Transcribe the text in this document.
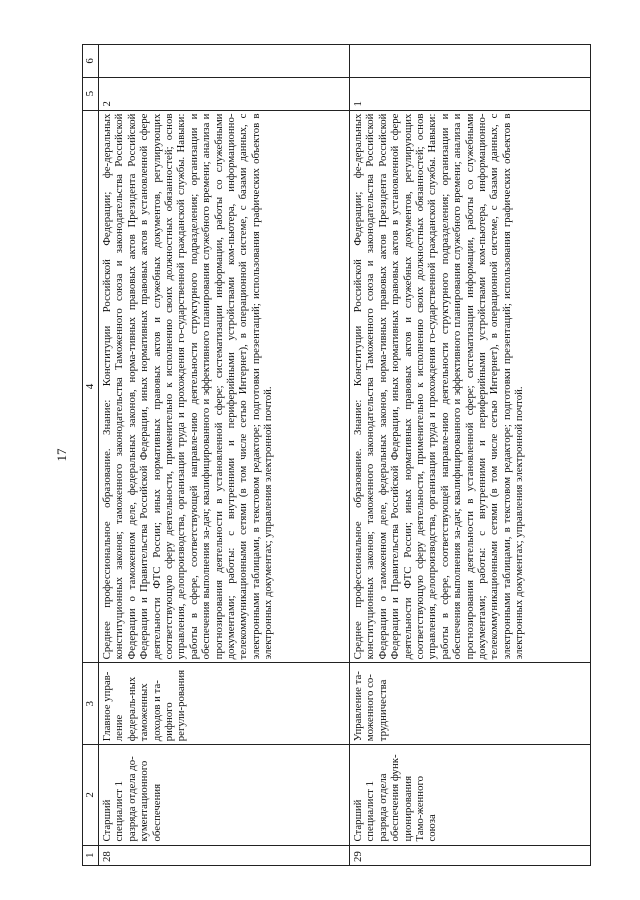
17
1	2	3	4	5	6
28	Старший специалист 1 разряда отдела до-кументационного обеспечения	Главное управ-ление федераль-ных таможенных доходов и та-рифного регули-рования	Среднее профессиональное образование. Знание: Конституции Российской Федерации; фе-деральных конституционных законов; таможенного законодательства Таможенного союза и законодательства Российской Федерации о таможенном деле, федеральных законов, норма-тивных правовых актов Президента Российской Федерации и Правительства Российской Федерации, иных нормативных правовых актов в установленной сфере деятельности ФТС России; иных нормативных правовых актов и служебных документов, регулирующих соответствующую сферу деятельности, применительно к исполнению своих должностных обязанностей; основ управления, делопроизводства, организации труда и прохождения го-сударственной гражданской службы. Навыки: работы в сфере, соответствующей направле-нию деятельности структурного подразделения; организации и обеспечения выполнения за-дач; квалифицированного и эффективного планирования служебного времени; анализа и прогнозирования деятельности в установленной сфере; систематизации информации, работы со служебными документами; работы: с внутренними и периферийными устройствами ком-пьютера, информационно-телекоммуникационными сетями (в том числе сетью Интернет), в операционной системе, с базами данных, с электронными таблицами, в текстовом редакторе; подготовки презентаций; использования графических объектов в электронных документах; управления электронной почтой.	2	
29	Старший специалист 1 разряда отдела обеспечения функ-ционирования Тамо-женного союза	Управление та-моженного со-трудничества	Среднее профессиональное образование. Знание: Конституции Российской Федерации; фе-деральных конституционных законов; таможенного законодательства Таможенного союза и законодательства Российской Федерации о таможенном деле, федеральных законов, норма-тивных правовых актов Президента Российской Федерации и Правительства Российской Федерации, иных нормативных правовых актов в установленной сфере деятельности ФТС России; иных нормативных правовых актов и служебных документов, регулирующих соответствующую сферу деятельности, применительно к исполнению своих должностных обязанностей; основ управления, делопроизводства, организации труда и прохождения го-сударственной гражданской службы. Навыки: работы в сфере, соответствующей направле-нию деятельности структурного подразделения; организации и обеспечения выполнения за-дач; квалифицированного и эффективного планирования служебного времени; анализа и прогнозирования деятельности в установленной сфере; систематизации информации, работы со служебными документами; работы: с внутренними и периферийными устройствами ком-пьютера, информационно-телекоммуникационными сетями (в том числе сетью Интернет), в операционной системе, с базами данных, с электронными таблицами, в текстовом редакторе; подготовки презентаций; использования графических объектов в электронных документах; управления электронной почтой.	1	
